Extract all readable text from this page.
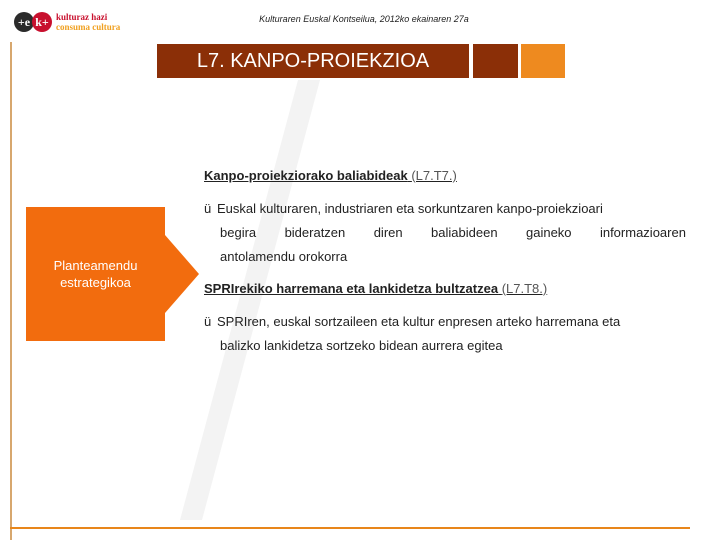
+e k+ kulturaz hazi
consuma cultura
Kulturaren Euskal Kontseilua, 2012ko ekainaren 27a
L7. KANPO-PROIEKZIOA
Planteamendu
estrategikoa
Kanpo-proiekziorako baliabideak (L7.T7.)
ü Euskal kulturaren, industriaren eta sorkuntzaren kanpo-proiekzioari
begira bideratzen diren baliabideen gaineko informazioaren
antolamendu orokorra
SPRIrekiko harremana eta lankidetza bultzatzea (L7.T8.)
ü SPRIren, euskal sortzaileen eta kultur enpresen arteko harremana eta
balizko lankidetza sortzeko bidean aurrera egitea
